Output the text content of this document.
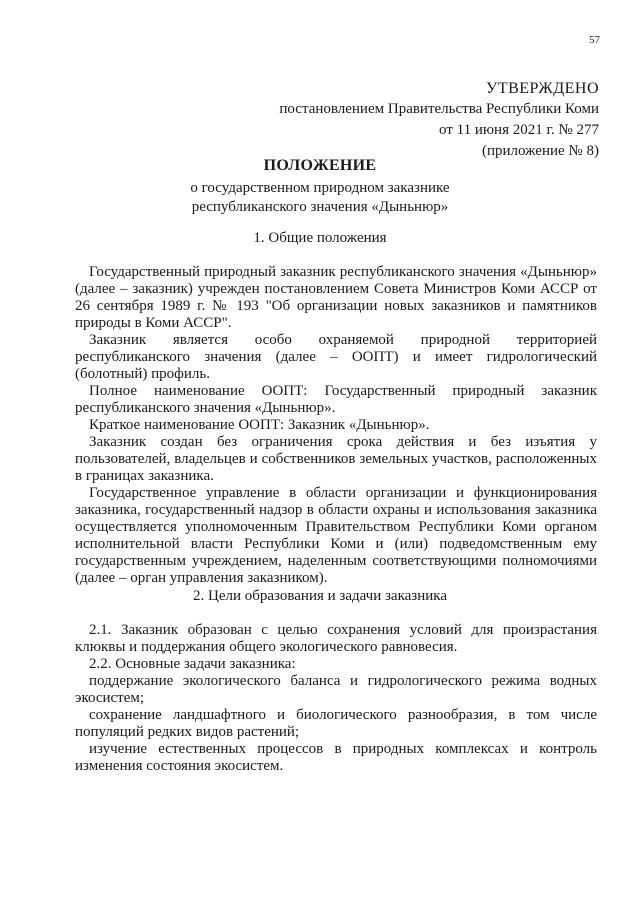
57
УТВЕРЖДЕНО
постановлением Правительства Республики Коми
от 11 июня 2021 г. № 277
(приложение № 8)
ПОЛОЖЕНИЕ
о государственном природном заказнике
республиканского значения «Дыньнюр»
1. Общие положения

Государственный природный заказник республиканского значения «Дыньнюр» (далее – заказник) учрежден постановлением Совета Министров Коми АССР от 26 сентября 1989 г. № 193 "Об организации новых заказников и памятников природы в Коми АССР".

Заказник является особо охраняемой природной территорией республиканского значения (далее – ООПТ) и имеет гидрологический (болотный) профиль.

Полное наименование ООПТ: Государственный природный заказник республиканского значения «Дыньнюр».

Краткое наименование ООПТ: Заказник «Дыньнюр».

Заказник создан без ограничения срока действия и без изъятия у пользователей, владельцев и собственников земельных участков, расположенных в границах заказника.

Государственное управление в области организации и функционирования заказника, государственный надзор в области охраны и использования заказника осуществляется уполномоченным Правительством Республики Коми органом исполнительной власти Республики Коми и (или) подведомственным ему государственным учреждением, наделенным соответствующими полномочиями (далее – орган управления заказником).

2. Цели образования и задачи заказника

2.1. Заказник образован с целью сохранения условий для произрастания клюквы и поддержания общего экологического равновесия.

2.2. Основные задачи заказника:

поддержание экологического баланса и гидрологического режима водных экосистем;

сохранение ландшафтного и биологического разнообразия, в том числе популяций редких видов растений;

изучение естественных процессов в природных комплексах и контроль изменения состояния экосистем.
